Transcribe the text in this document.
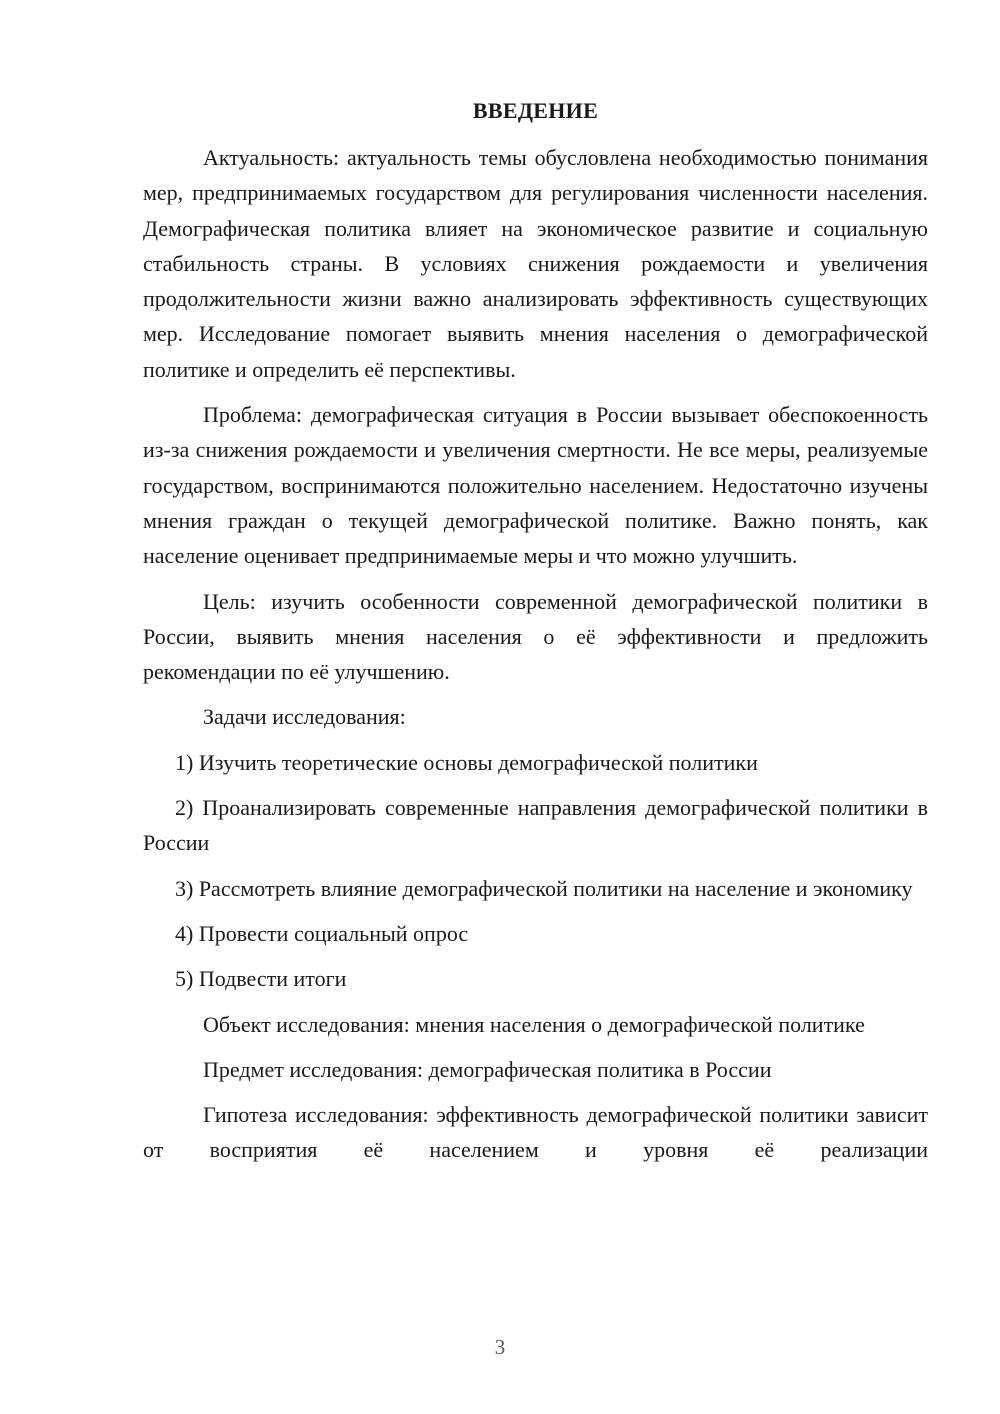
ВВЕДЕНИЕ

Актуальность: актуальность темы обусловлена необходимостью понимания мер, предпринимаемых государством для регулирования численности населения. Демографическая политика влияет на экономическое развитие и социальную стабильность страны. В условиях снижения рождаемости и увеличения продолжительности жизни важно анализировать эффективность существующих мер. Исследование помогает выявить мнения населения о демографической политике и определить её перспективы.

Проблема: демографическая ситуация в России вызывает обеспокоенность из-за снижения рождаемости и увеличения смертности. Не все меры, реализуемые государством, воспринимаются положительно населением. Недостаточно изучены мнения граждан о текущей демографической политике. Важно понять, как население оценивает предпринимаемые меры и что можно улучшить.

Цель: изучить особенности современной демографической политики в России, выявить мнения населения о её эффективности и предложить рекомендации по её улучшению.

Задачи исследования:

1) Изучить теоретические основы демографической политики

2) Проанализировать современные направления демографической политики в России

3) Рассмотреть влияние демографической политики на население и экономику

4) Провести социальный опрос

5) Подвести итоги

Объект исследования: мнения населения о демографической политике

Предмет исследования: демографическая политика в России

Гипотеза исследования: эффективность демографической политики зависит от восприятия её населением и уровня её реализации

3
